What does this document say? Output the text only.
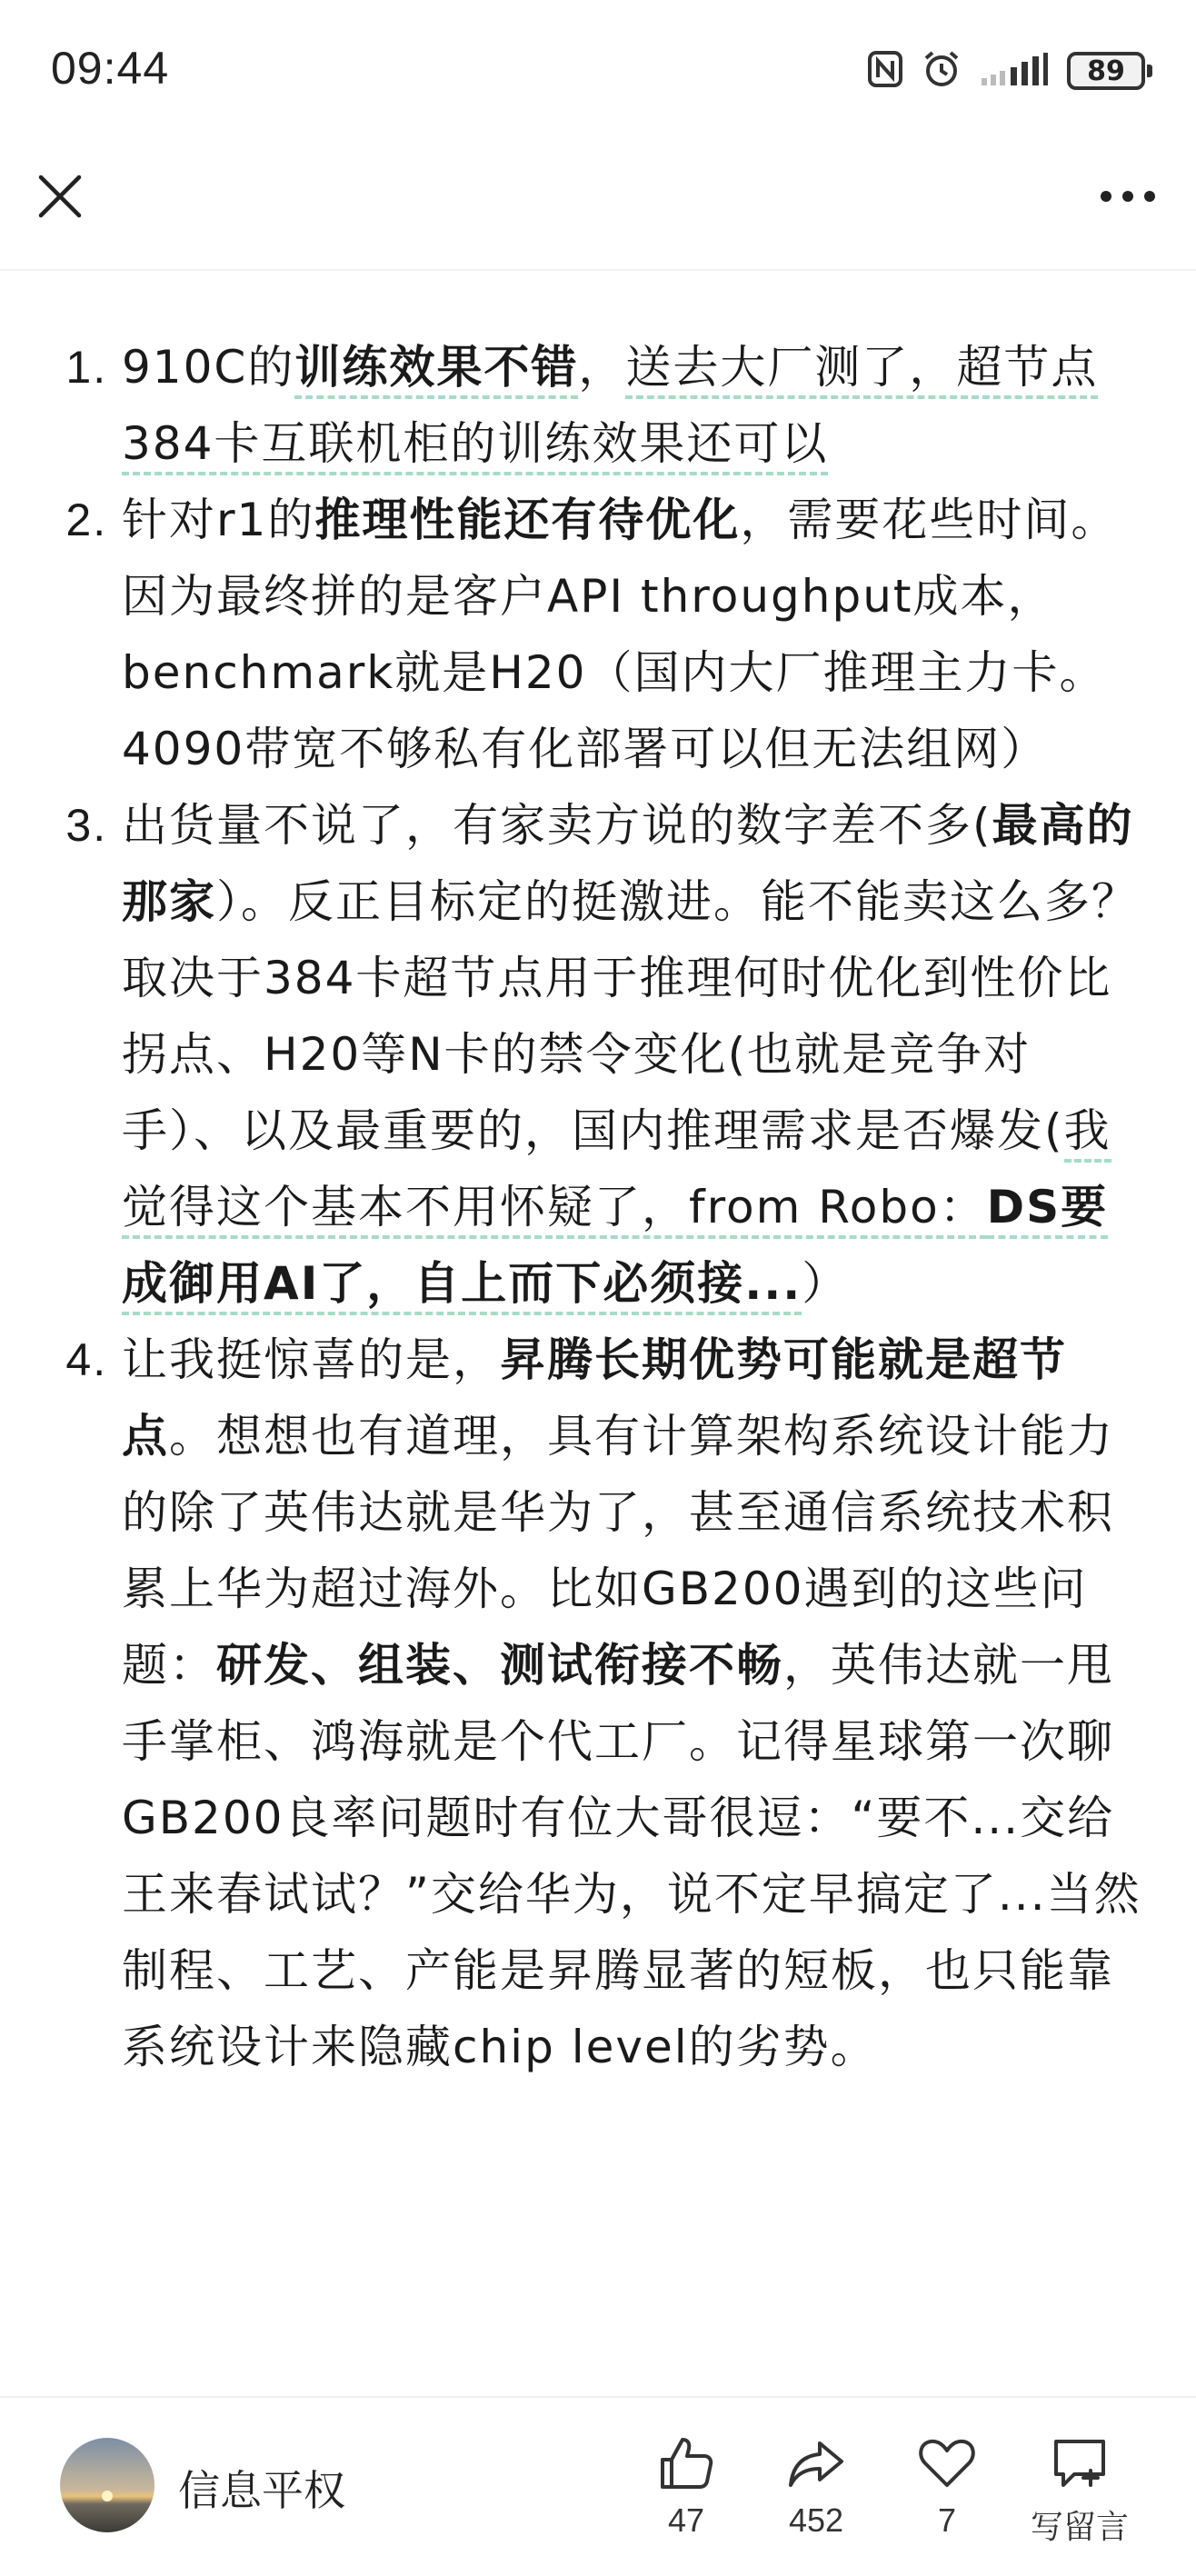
09:44	89
1. 910C的训练效果不错，送去大厂测了，超节点384卡互联机柜的训练效果还可以
2. 针对r1的推理性能还有待优化，需要花些时间。因为最终拼的是客户API throughput成本，benchmark就是H20（国内大厂推理主力卡。4090带宽不够私有化部署可以但无法组网）
3. 出货量不说了，有家卖方说的数字差不多(最高的那家）。反正目标定的挺激进。能不能卖这么多？取决于384卡超节点用于推理何时优化到性价比拐点、H20等N卡的禁令变化(也就是竞争对手）、以及最重要的，国内推理需求是否爆发(我觉得这个基本不用怀疑了，from Robo：DS要成御用AI了，自上而下必须接...）
4. 让我挺惊喜的是，昇腾长期优势可能就是超节点。想想也有道理，具有计算架构系统设计能力的除了英伟达就是华为了，甚至通信系统技术积累上华为超过海外。比如GB200遇到的这些问题：研发、组装、测试衔接不畅，英伟达就一甩手掌柜、鸿海就是个代工厂。记得星球第一次聊GB200良率问题时有位大哥很逗：“要不...交给王来春试试？”交给华为，说不定早搞定了...当然制程、工艺、产能是昇腾显著的短板，也只能靠系统设计来隐藏chip level的劣势。
信息平权
47	452	7	写留言
